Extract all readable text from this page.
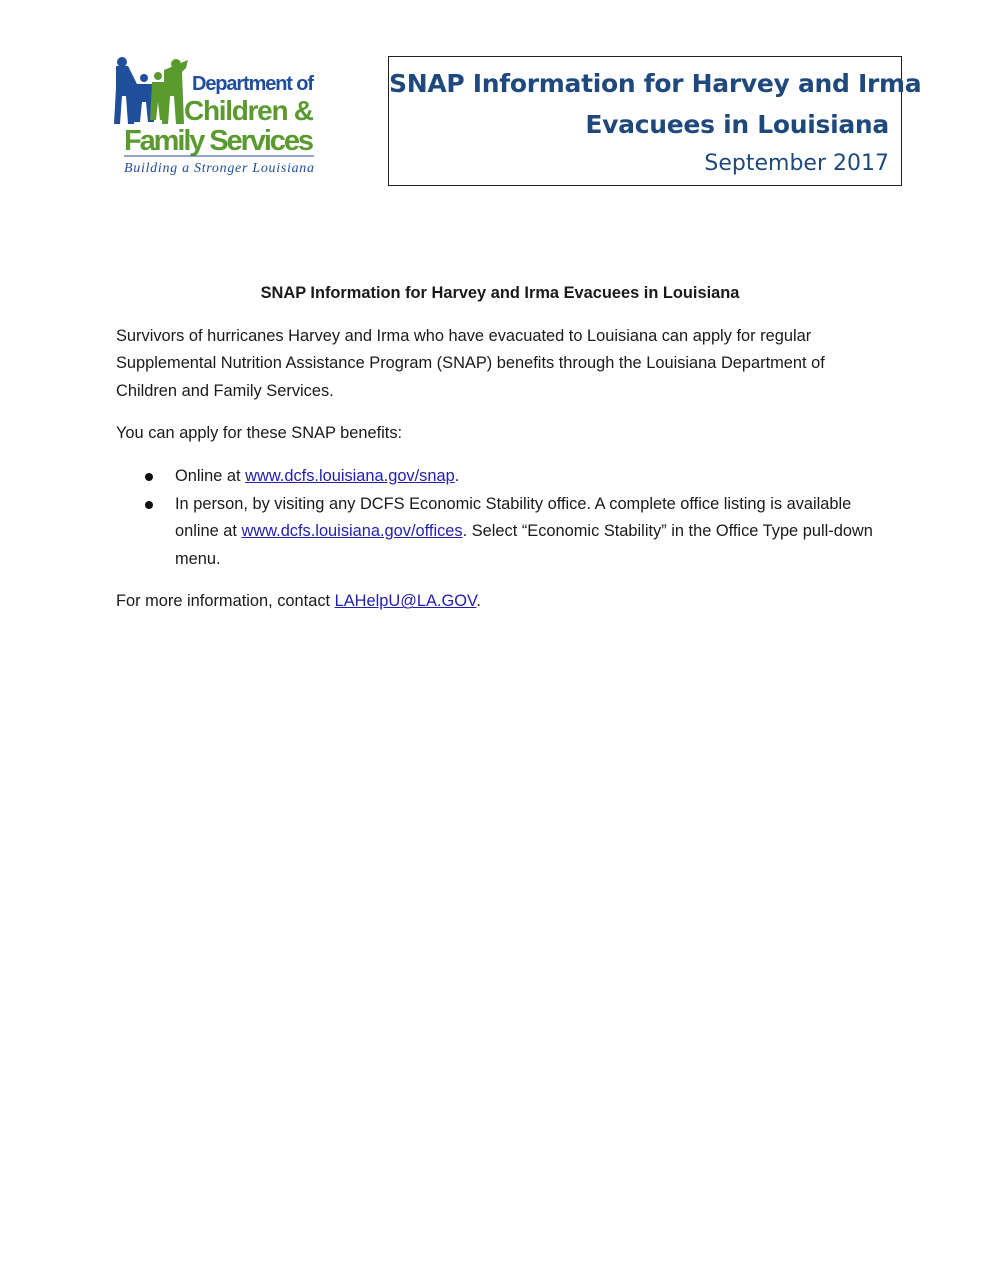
Department of
Children &
Family Services
Building a Stronger Louisiana
SNAP Information for Harvey and Irma
Evacuees in Louisiana
September 2017

SNAP Information for Harvey and Irma Evacuees in Louisiana

Survivors of hurricanes Harvey and Irma who have evacuated to Louisiana can apply for regular Supplemental Nutrition Assistance Program (SNAP) benefits through the Louisiana Department of Children and Family Services.

You can apply for these SNAP benefits:

Online at www.dcfs.louisiana.gov/snap.
In person, by visiting any DCFS Economic Stability office. A complete office listing is available online at www.dcfs.louisiana.gov/offices. Select “Economic Stability” in the Office Type pull-down menu.

For more information, contact LAHelpU@LA.GOV.
